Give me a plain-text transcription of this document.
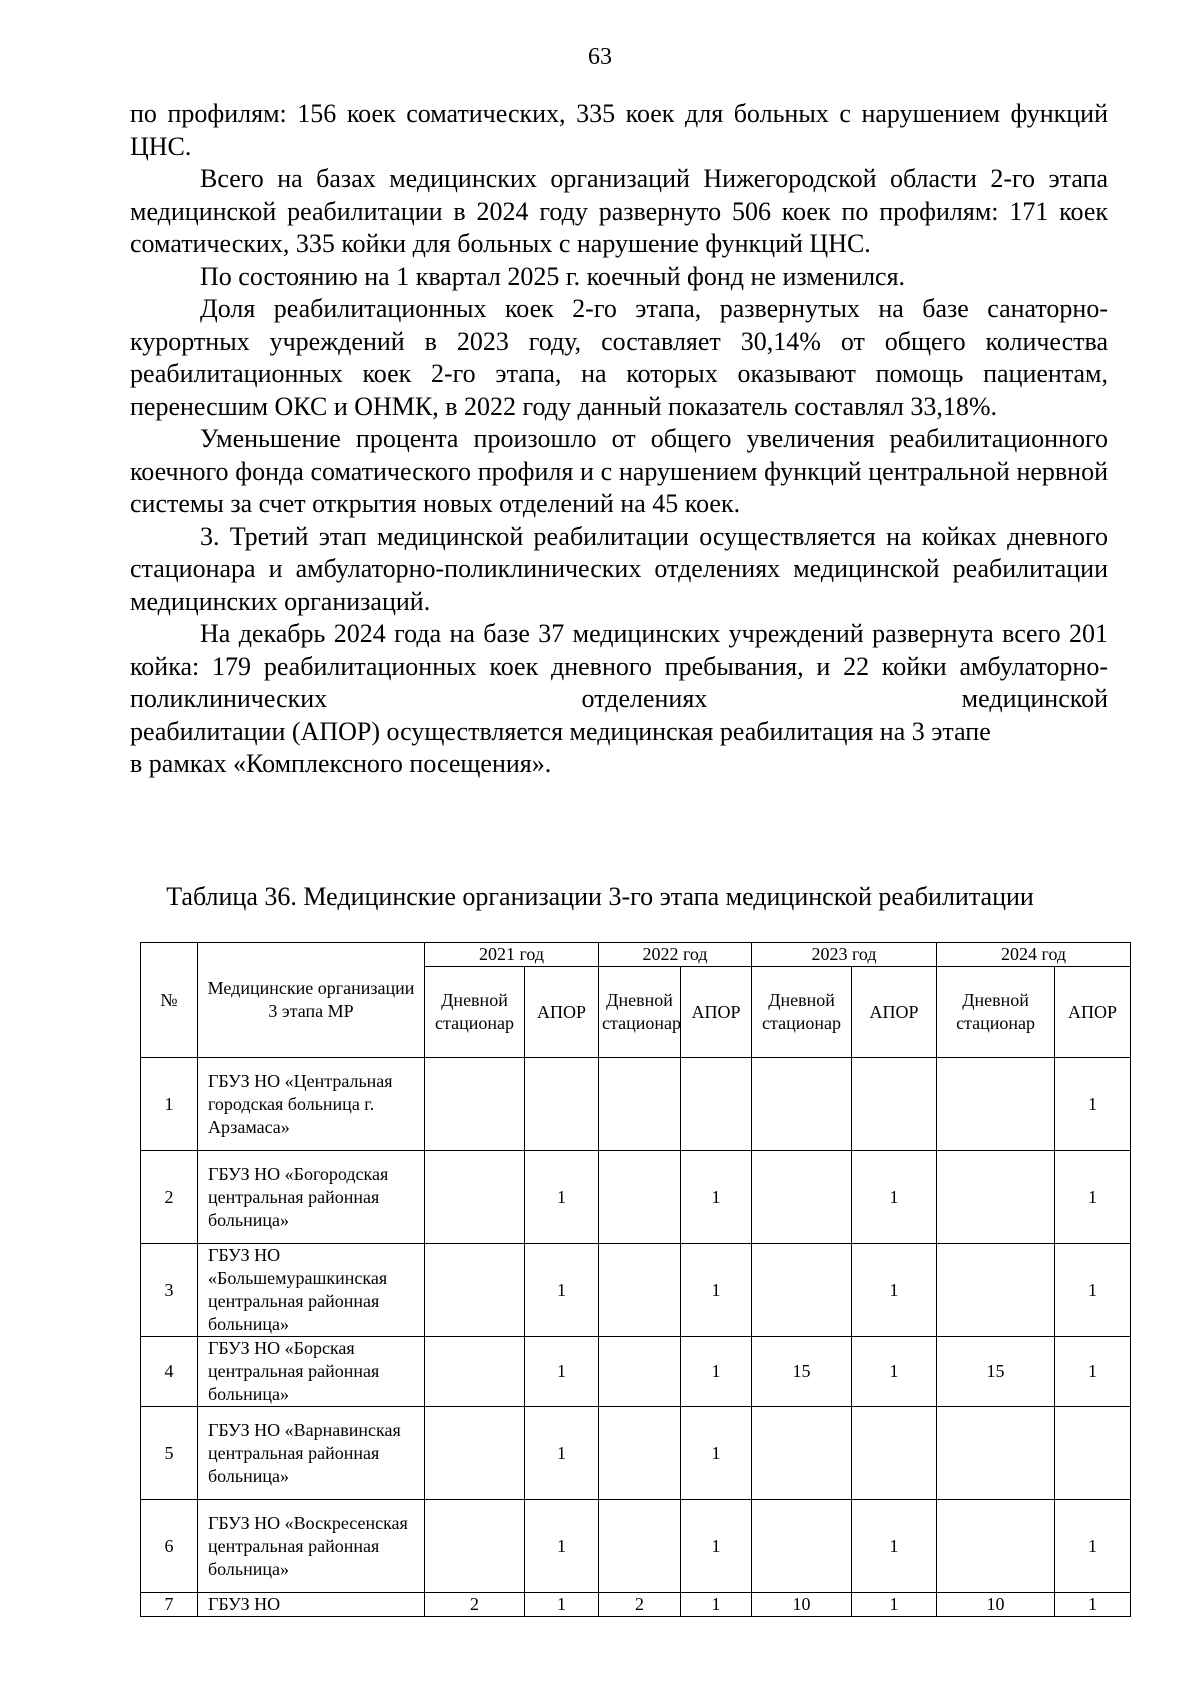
63

по профилям: 156 коек соматических, 335 коек для больных с нарушением функций ЦНС.

Всего на базах медицинских организаций Нижегородской области 2-го этапа медицинской реабилитации в 2024 году развернуто 506 коек по профилям: 171 коек соматических, 335 койки для больных с нарушение функций ЦНС.

По состоянию на 1 квартал 2025 г. коечный фонд не изменился.

Доля реабилитационных коек 2-го этапа, развернутых на базе санаторно-курортных учреждений в 2023 году, составляет 30,14% от общего количества реабилитационных коек 2-го этапа, на которых оказывают помощь пациентам, перенесшим ОКС и ОНМК, в 2022 году данный показатель составлял 33,18%.

Уменьшение процента произошло от общего увеличения реабилитационного коечного фонда соматического профиля и с нарушением функций центральной нервной системы за счет открытия новых отделений на 45 коек.

3. Третий этап медицинской реабилитации осуществляется на койках дневного стационара и амбулаторно-поликлинических отделениях медицинской реабилитации медицинских организаций.

На декабрь 2024 года на базе 37 медицинских учреждений развернута всего 201 койка: 179 реабилитационных коек дневного пребывания, и 22 койки амбулаторно-поликлинических отделениях медицинской

реабилитации (АПОР) осуществляется медицинская реабилитация на 3 этапе

в рамках «Комплексного посещения».

Таблица 36. Медицинские организации 3-го этапа медицинской реабилитации
№	Медицинские организации 3 этапа МР	2021 год		2022 год		2023 год		2024 год	
		Дневной стационар	АПОР	Дневной стационар	АПОР	Дневной стационар	АПОР	Дневной стационар	АПОР
1	ГБУЗ НО «Центральная городская больница г. Арзамаса»								1
2	ГБУЗ НО «Богородская центральная районная больница»		1		1		1		1
3	ГБУЗ НО «Большемурашкинская центральная районная больница»		1		1		1		1
4	ГБУЗ НО «Борская центральная районная больница»		1		1	15	1	15	1
5	ГБУЗ НО «Варнавинская центральная районная больница»		1		1				
6	ГБУЗ НО «Воскресенская центральная районная больница»		1		1		1		1
7	ГБУЗ НО	2	1	2	1	10	1	10	1
